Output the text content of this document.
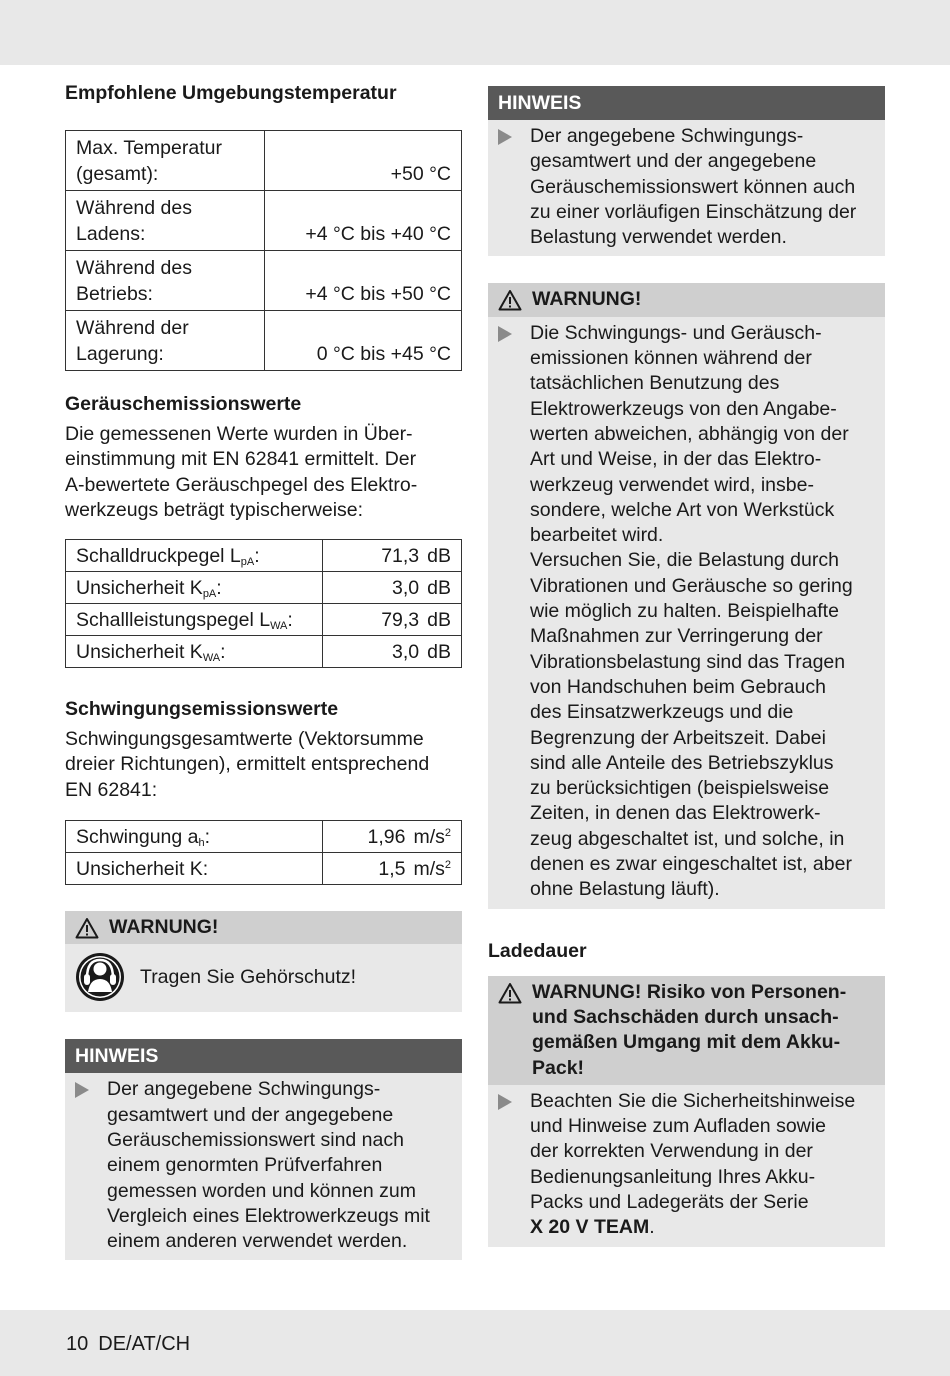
Empfohlene Umgebungstemperatur
Max. Temperatur
(gesamt):	+50 °C
Während des
Ladens:	+4 °C bis +40 °C
Während des
Betriebs:	+4 °C bis +50 °C
Während der
Lagerung:	0 °C bis +45 °C
Geräuschemissionswerte

Die gemessenen Werte wurden in Über-
einstimmung mit EN 62841 ermittelt. Der
A-bewertete Geräuschpegel des Elektro-
werkzeugs beträgt typischerweise:

Schalldruckpegel $L_{pA}$:	71,3 dB

Unsicherheit $K_{pA}$:	3,0 dB

Schallleistungspegel $L_{WA}$:	79,3 dB

Unsicherheit $K_{WA}$:	3,0 dB
Schwingungsemissionswerte

Schwingungsgesamtwerte (Vektorsumme
dreier Richtungen), ermittelt entsprechend
EN 62841:

Schwingung $a_h$:	1,96 $m/s^2$

Unsicherheit K:	1,5 $m/s^2$
WARNUNG!
Tragen Sie Gehörschutz!
HINWEIS
Der angegebene Schwingungs-
gesamtwert und der angegebene
Geräuschemissionswert sind nach
einem genormten Prüfverfahren
gemessen worden und können zum
Vergleich eines Elektrowerkzeugs mit
einem anderen verwendet werden.
HINWEIS
Der angegebene Schwingungs-
gesamtwert und der angegebene
Geräuschemissionswert können auch
zu einer vorläufigen Einschätzung der
Belastung verwendet werden.
WARNUNG!
Die Schwingungs- und Geräusch-
emissionen können während der
tatsächlichen Benutzung des
Elektrowerkzeugs von den Angabe-
werten abweichen, abhängig von der
Art und Weise, in der das Elektro-
werkzeug verwendet wird, insbe-
sondere, welche Art von Werkstück
bearbeitet wird.
Versuchen Sie, die Belastung durch
Vibrationen und Geräusche so gering
wie möglich zu halten. Beispielhafte
Maßnahmen zur Verringerung der
Vibrationsbelastung sind das Tragen
von Handschuhen beim Gebrauch
des Einsatzwerkzeugs und die
Begrenzung der Arbeitszeit. Dabei
sind alle Anteile des Betriebszyklus
zu berücksichtigen (beispielsweise
Zeiten, in denen das Elektrowerk-
zeug abgeschaltet ist, und solche, in
denen es zwar eingeschaltet ist, aber
ohne Belastung läuft).
Ladedauer
WARNUNG! Risiko von Personen-
und Sachschäden durch unsach-
gemäßen Umgang mit dem Akku-
Pack!
Beachten Sie die Sicherheitshinweise
und Hinweise zum Aufladen sowie
der korrekten Verwendung in der
Bedienungsanleitung Ihres Akku-
Packs und Ladegeräts der Serie
X 20 V TEAM.
10 DE/AT/CH
